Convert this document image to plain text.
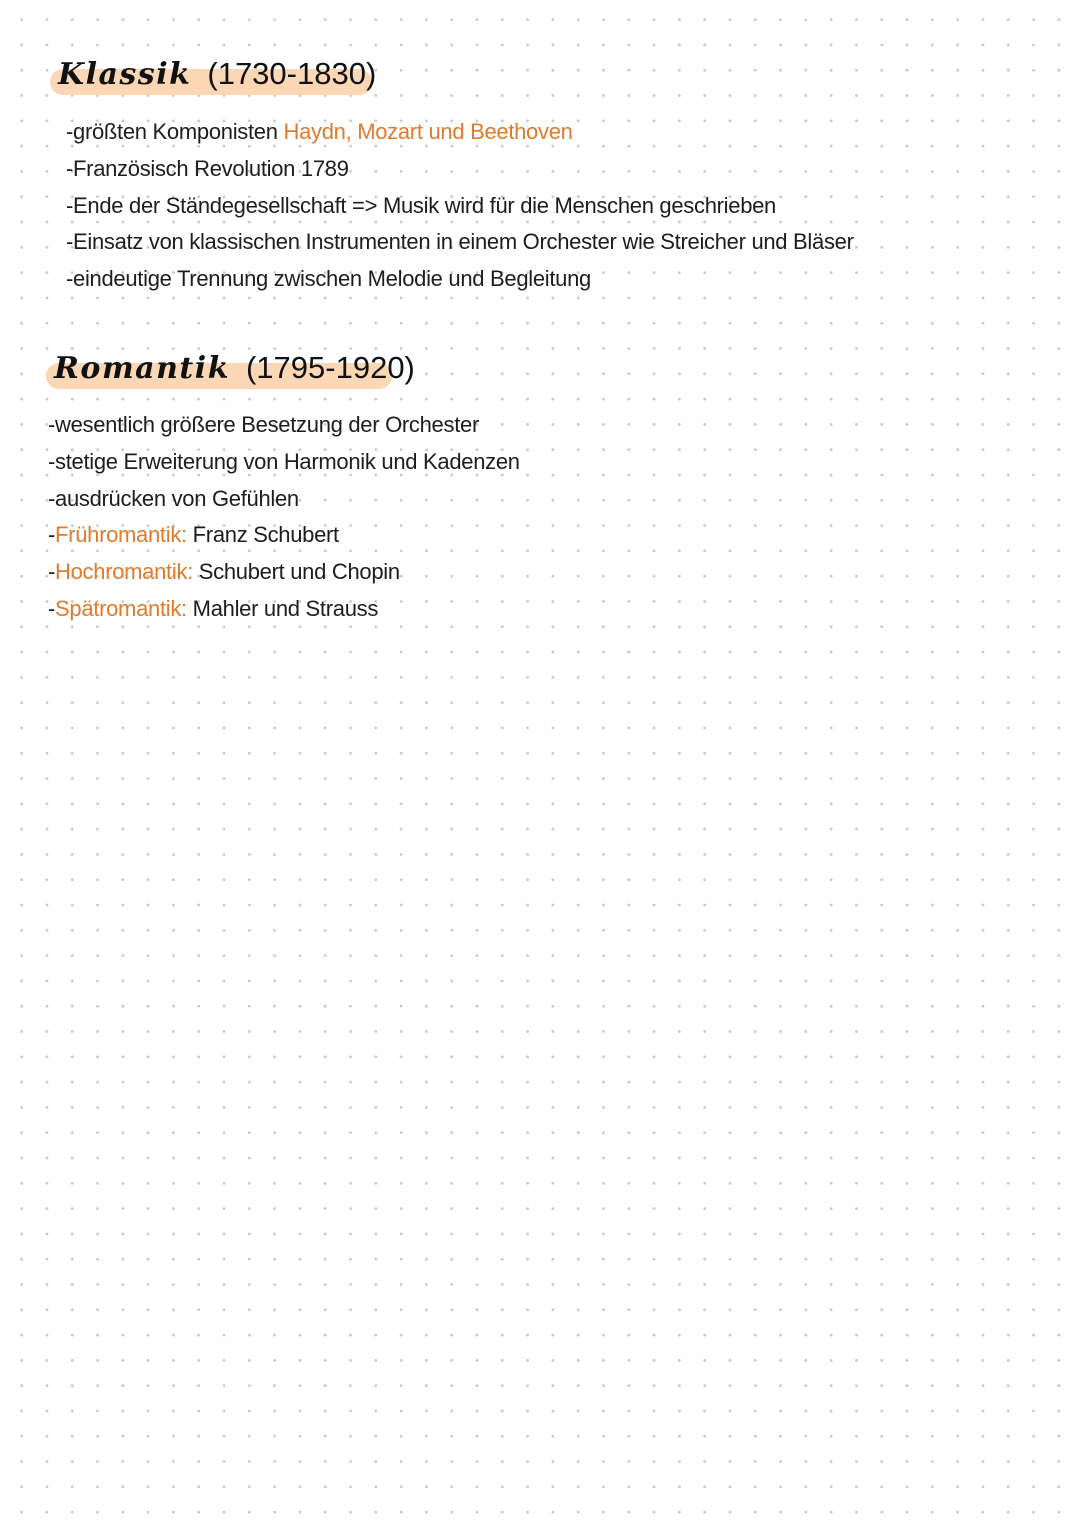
Klassik (1730-1830)
-größten Komponisten Haydn, Mozart und Beethoven
-Französisch Revolution 1789
-Ende der Ständegesellschaft => Musik wird für die Menschen geschrieben
-Einsatz von klassischen Instrumenten in einem Orchester wie Streicher und Bläser
-eindeutige Trennung zwischen Melodie und Begleitung
Romantik (1795-1920)
-wesentlich größere Besetzung der Orchester
-stetige Erweiterung von Harmonik und Kadenzen
-ausdrücken von Gefühlen
-Frühromantik: Franz Schubert
-Hochromantik: Schubert und Chopin
-Spätromantik: Mahler und Strauss
